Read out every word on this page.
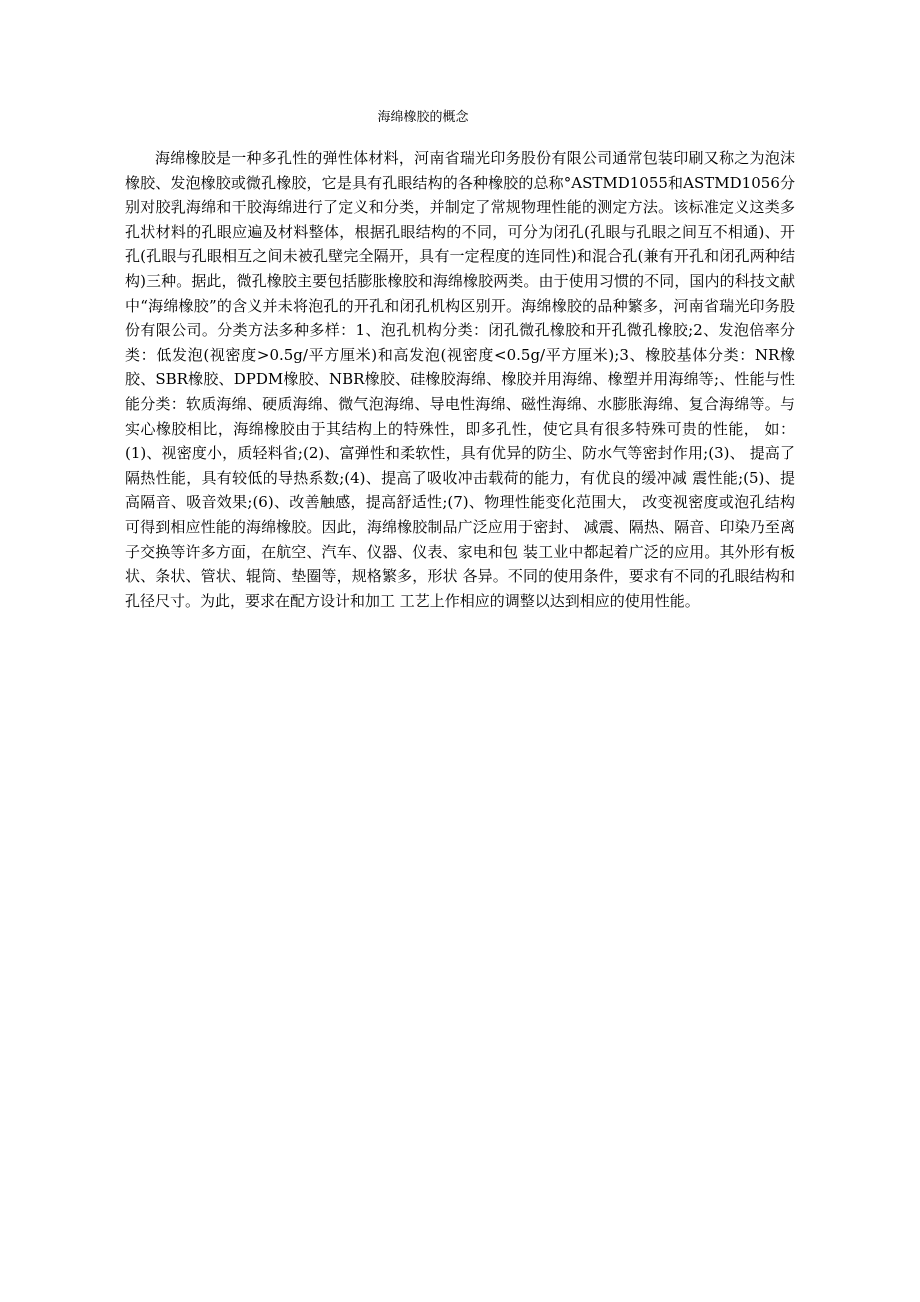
海绵橡胶的概念

海绵橡胶是一种多孔性的弹性体材料，河南省瑞光印务股份有限公司通常包装印刷又称之为泡沫橡胶、发泡橡胶或微孔橡胶，它是具有孔眼结构的各种橡胶的总称°ASTMD1055和ASTMD1056分别对胶乳海绵和干胶海绵进行了定义和分类，并制定了常规物理性能的测定方法。该标准定义这类多孔状材料的孔眼应遍及材料整体，根据孔眼结构的不同，可分为闭孔(孔眼与孔眼之间互不相通)、开孔(孔眼与孔眼相互之间未被孔壁完全隔开，具有一定程度的连同性)和混合孔(兼有开孔和闭孔两种结构)三种。据此，微孔橡胶主要包括膨胀橡胶和海绵橡胶两类。由于使用习惯的不同，国内的科技文献中“海绵橡胶”的含义并未将泡孔的开孔和闭孔机构区别开。海绵橡胶的品种繁多，河南省瑞光印务股份有限公司。分类方法多种多样：1、泡孔机构分类：闭孔微孔橡胶和开孔微孔橡胶;2、发泡倍率分类：低发泡(视密度>0.5g/平方厘米)和高发泡(视密度<0.5g/平方厘米);3、橡胶基体分类：NR橡胶、SBR橡胶、DPDM橡胶、NBR橡胶、硅橡胶海绵、橡胶并用海绵、橡塑并用海绵等;、性能与性能分类：软质海绵、硬质海绵、微气泡海绵、导电性海绵、磁性海绵、水膨胀海绵、复合海绵等。与实心橡胶相比，海绵橡胶由于其结构上的特殊性，即多孔性，使它具有很多特殊可贵的性能， 如：(1)、视密度小，质轻料省;(2)、富弹性和柔软性，具有优异的防尘、防水气等密封作用;(3)、 提高了隔热性能，具有较低的导热系数;(4)、提高了吸收冲击载荷的能力，有优良的缓冲减 震性能;(5)、提高隔音、吸音效果;(6)、改善触感，提高舒适性;(7)、物理性能变化范围大， 改变视密度或泡孔结构可得到相应性能的海绵橡胶。因此，海绵橡胶制品广泛应用于密封、 减震、隔热、隔音、印染乃至离子交换等许多方面，在航空、汽车、仪器、仪表、家电和包 装工业中都起着广泛的应用。其外形有板状、条状、管状、辊筒、垫圈等，规格繁多，形状 各异。不同的使用条件，要求有不同的孔眼结构和孔径尺寸。为此，要求在配方设计和加工 工艺上作相应的调整以达到相应的使用性能。
